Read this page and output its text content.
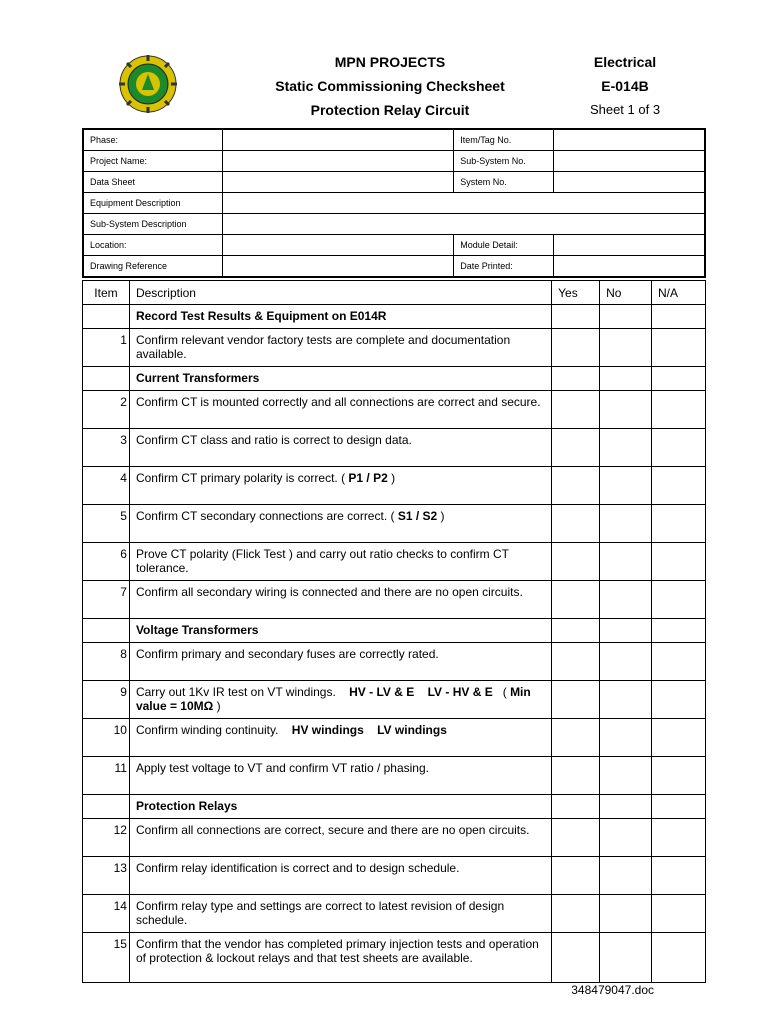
MPN PROJECTS
Static Commissioning Checksheet
Protection Relay Circuit
Electrical
E-014B
Sheet 1 of 3
Phase:		Item/Tag No.	
Project Name:		Sub-System No.	
Data Sheet		System No.	
Equipment Description			
Sub-System Description			
Location:		Module Detail:	
Drawing Reference		Date Printed:	
Item	Description	Yes	No	N/A
	Record Test Results & Equipment on E014R			
1	Confirm relevant vendor factory tests are complete and documentation available.			
	Current Transformers			
2	Confirm CT is mounted correctly and all connections are correct and secure.			
3	Confirm CT class and ratio is correct to design data.			
4	Confirm CT primary polarity is correct. ( P1 / P2 )			
5	Confirm CT secondary connections are correct. ( S1 / S2 )			
6	Prove CT polarity (Flick Test ) and carry out ratio checks to confirm CT tolerance.			
7	Confirm all secondary wiring is connected and there are no open circuits.			
	Voltage Transformers			
8	Confirm primary and secondary fuses are correctly rated.			
9	Carry out 1Kv IR test on VT windings.    HV - LV & E    LV - HV & E   ( Min value = 10MΩ )			
10	Confirm winding continuity.    HV windings    LV windings			
11	Apply test voltage to VT and confirm VT ratio / phasing.			
	Protection Relays			
12	Confirm all connections are correct, secure and there are no open circuits.			
13	Confirm relay identification is correct and to design schedule.			
14	Confirm relay type and settings are correct to latest revision of design schedule.			
15	Confirm that the vendor has completed primary injection tests and operation of protection & lockout relays and that test sheets are available.			
348479047.doc
